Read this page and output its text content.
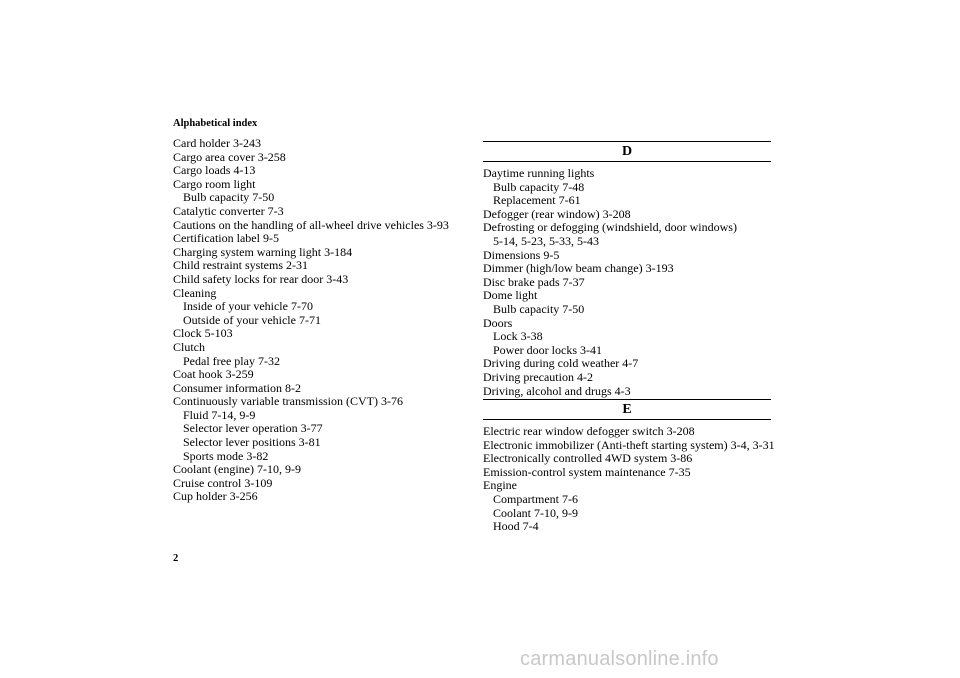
Alphabetical index
Card holder 3-243
Cargo area cover 3-258
Cargo loads 4-13
Cargo room light
Bulb capacity 7-50
Catalytic converter 7-3
Cautions on the handling of all-wheel drive vehicles 3-93
Certification label 9-5
Charging system warning light 3-184
Child restraint systems 2-31
Child safety locks for rear door 3-43
Cleaning
Inside of your vehicle 7-70
Outside of your vehicle 7-71
Clock 5-103
Clutch
Pedal free play 7-32
Coat hook 3-259
Consumer information 8-2
Continuously variable transmission (CVT) 3-76
Fluid 7-14, 9-9
Selector lever operation 3-77
Selector lever positions 3-81
Sports mode 3-82
Coolant (engine) 7-10, 9-9
Cruise control 3-109
Cup holder 3-256
D
Daytime running lights
Bulb capacity 7-48
Replacement 7-61
Defogger (rear window) 3-208
Defrosting or defogging (windshield, door windows)
5-14, 5-23, 5-33, 5-43
Dimensions 9-5
Dimmer (high/low beam change) 3-193
Disc brake pads 7-37
Dome light
Bulb capacity 7-50
Doors
Lock 3-38
Power door locks 3-41
Driving during cold weather 4-7
Driving precaution 4-2
Driving, alcohol and drugs 4-3
E
Electric rear window defogger switch 3-208
Electronic immobilizer (Anti-theft starting system) 3-4, 3-31
Electronically controlled 4WD system 3-86
Emission-control system maintenance 7-35
Engine
Compartment 7-6
Coolant 7-10, 9-9
Hood 7-4
2
carmanualsonline.info
